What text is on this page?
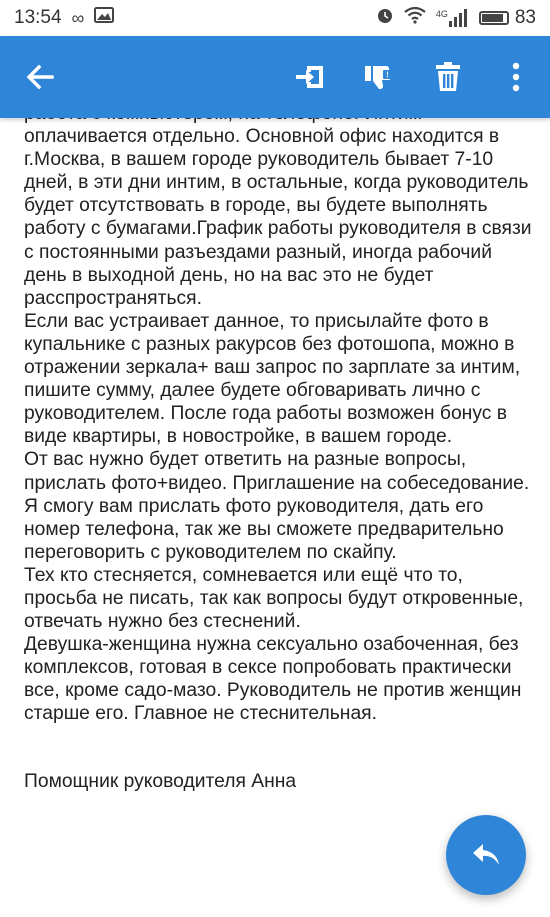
13:54 ∞	4G	83
!

оплачивается отдельно. Основной офис находится в г.Москва, в вашем городе руководитель бывает 7-10 дней, в эти дни интим, в остальные, когда руководитель будет отсутствовать в городе, вы будете выполнять работу с бумагами.График работы руководителя в связи с постоянными разъездами разный, иногда рабочий день в выходной день, но на вас это не будет расспространяться.

Если вас устраивает данное, то присылайте фото в купальнике с разных ракурсов без фотошопа, можно в отражении зеркала+ ваш запрос по зарплате за интим, пишите сумму, далее будете обговаривать лично с руководителем. После года работы возможен бонус в виде квартиры, в новостройке, в вашем городе.

От вас нужно будет ответить на разные вопросы, прислать фото+видео. Приглашение на собеседование.

Я смогу вам прислать фото руководителя, дать его номер телефона, так же вы сможете предварительно переговорить с руководителем по скайпу.

Тех кто стесняется, сомневается или ещё что то, просьба не писать, так как вопросы будут откровенные, отвечать нужно без стеснений.

Девушка-женщина нужна сексуально озабоченная, без комплексов, готовая в сексе попробовать практически все, кроме садо-мазо. Руководитель не против женщин старше его. Главное не стеснительная.

Помощник руководителя Анна
